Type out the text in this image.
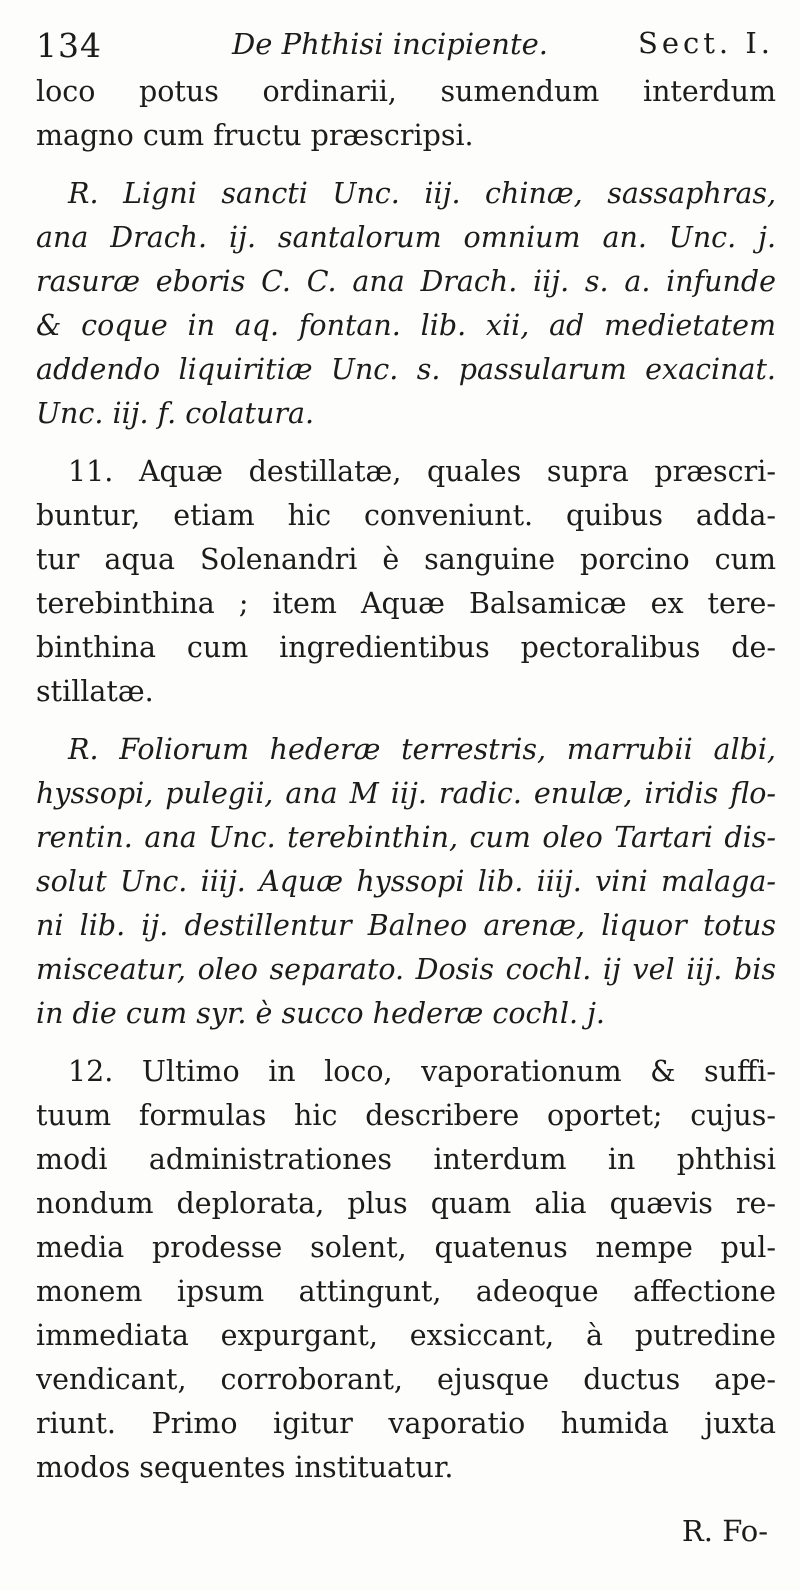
134	De Phthisi incipiente.	Sect. I.
loco potus ordinarii, sumendum interdum
magno cum fructu præscripsi.
R. Ligni sancti Unc. iij. chinæ, sassaphras,
ana Drach. ij. santalorum omnium an. Unc. j.
rasuræ eboris C. C. ana Drach. iij. s. a. infunde
& coque in aq. fontan. lib. xii, ad medietatem
addendo liquiritiæ Unc. s. passularum exacinat.
Unc. iij. f. colatura.
11. Aquæ destillatæ, quales supra præscri-
buntur, etiam hic conveniunt. quibus adda-
tur aqua Solenandri è sanguine porcino cum
terebinthina ; item Aquæ Balsamicæ ex tere-
binthina cum ingredientibus pectoralibus de-
stillatæ.
R. Foliorum hederæ terrestris, marrubii albi,
hyssopi, pulegii, ana M iij. radic. enulæ, iridis flo-
rentin. ana Unc. terebinthin, cum oleo Tartari dis-
solut Unc. iiij. Aquæ hyssopi lib. iiij. vini malaga-
ni lib. ij. destillentur Balneo arenæ, liquor totus
misceatur, oleo separato. Dosis cochl. ij vel iij. bis
in die cum syr. è succo hederæ cochl. j.
12. Ultimo in loco, vaporationum & suffi-
tuum formulas hic describere oportet; cujus-
modi administrationes interdum in phthisi
nondum deplorata, plus quam alia quævis re-
media prodesse solent, quatenus nempe pul-
monem ipsum attingunt, adeoque affectione
immediata expurgant, exsiccant, à putredine
vendicant, corroborant, ejusque ductus ape-
riunt. Primo igitur vaporatio humida juxta
modos sequentes instituatur.
R. Fo-
